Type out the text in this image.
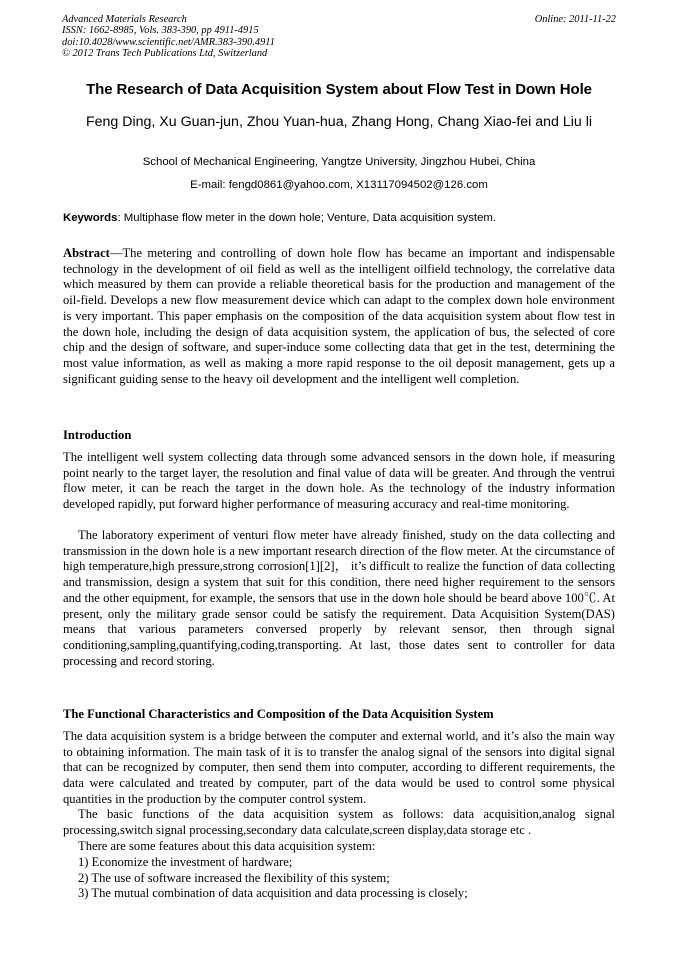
Advanced Materials Research
ISSN: 1662-8985, Vols. 383-390, pp 4911-4915
doi:10.4028/www.scientific.net/AMR.383-390.4911
© 2012 Trans Tech Publications Ltd, Switzerland
Online: 2011-11-22
The Research of Data Acquisition System about Flow Test in Down Hole
Feng Ding, Xu Guan-jun, Zhou Yuan-hua, Zhang Hong, Chang Xiao-fei and Liu li
School of Mechanical Engineering, Yangtze University, Jingzhou Hubei, China
E-mail: fengd0861@yahoo.com, X13117094502@126.com
Keywords: Multiphase flow meter in the down hole; Venture, Data acquisition system.
Abstract—The metering and controlling of down hole flow has became an important and indispensable technology in the development of oil field as well as the intelligent oilfield technology, the correlative data which measured by them can provide a reliable theoretical basis for the production and management of the oil-field. Develops a new flow measurement device which can adapt to the complex down hole environment is very important. This paper emphasis on the composition of the data acquisition system about flow test in the down hole, including the design of data acquisition system, the application of bus, the selected of core chip and the design of software, and super-induce some collecting data that get in the test, determining the most value information, as well as making a more rapid response to the oil deposit management, gets up a significant guiding sense to the heavy oil development and the intelligent well completion.
Introduction
The intelligent well system collecting data through some advanced sensors in the down hole, if measuring point nearly to the target layer, the resolution and final value of data will be greater. And through the ventrui flow meter, it can be reach the target in the down hole. As the technology of the industry information developed rapidly, put forward higher performance of measuring accuracy and real-time monitoring.
The laboratory experiment of venturi flow meter have already finished, study on the data collecting and transmission in the down hole is a new important research direction of the flow meter. At the circumstance of high temperature,high pressure,strong corrosion[1][2]， it’s difficult to realize the function of data collecting and transmission, design a system that suit for this condition, there need higher requirement to the sensors and the other equipment, for example, the sensors that use in the down hole should be beard above 100℃. At present, only the military grade sensor could be satisfy the requirement. Data Acquisition System(DAS) means that various parameters conversed properly by relevant sensor, then through signal conditioning,sampling,quantifying,coding,transporting. At last, those dates sent to controller for data processing and record storing.
The Functional Characteristics and Composition of the Data Acquisition System
The data acquisition system is a bridge between the computer and external world, and it’s also the main way to obtaining information. The main task of it is to transfer the analog signal of the sensors into digital signal that can be recognized by computer, then send them into computer, according to different requirements, the data were calculated and treated by computer, part of the data would be used to control some physical quantities in the production by the computer control system.
The basic functions of the data acquisition system as follows: data acquisition,analog signal processing,switch signal processing,secondary data calculate,screen display,data storage etc .
There are some features about this data acquisition system:
1) Economize the investment of hardware;
2) The use of software increased the flexibility of this system;
3) The mutual combination of data acquisition and data processing is closely;
